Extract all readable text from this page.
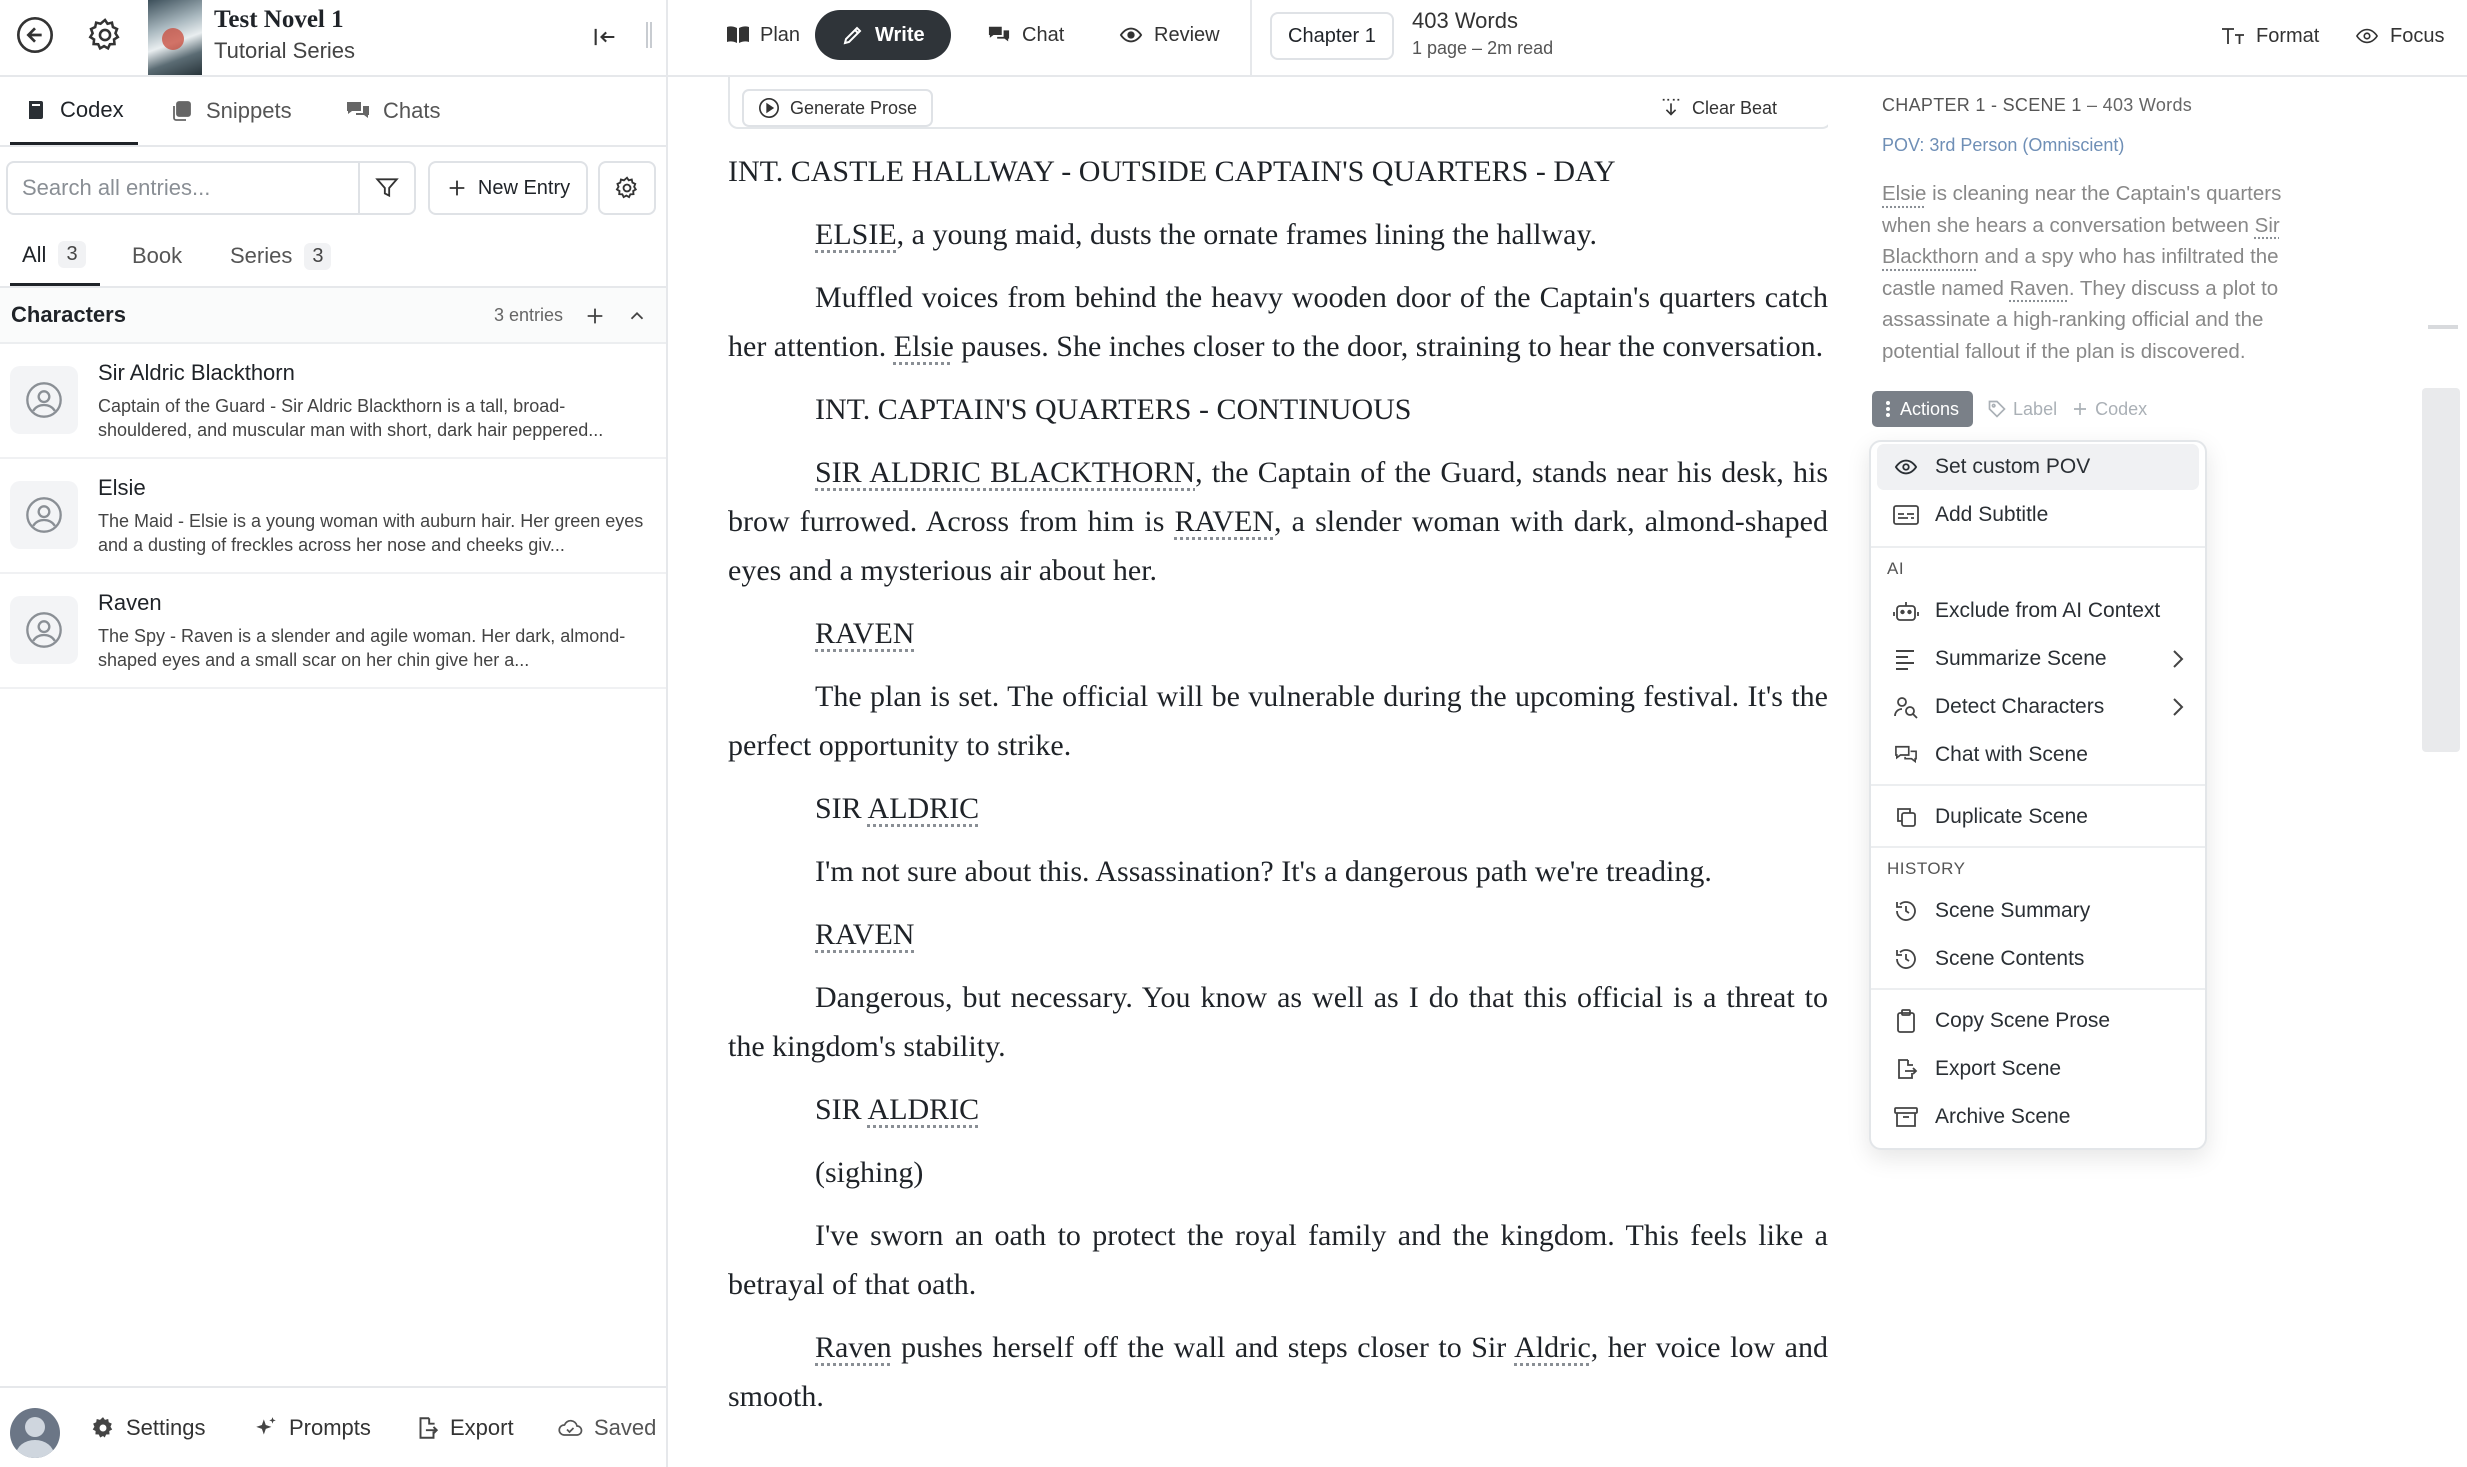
Test Novel 1
Tutorial Series
Codex	Snippets	Chats
Search all entries...
New Entry
All	3	Book Series	3
Characters	3 entries
Sir Aldric Blackthorn
Captain of the Guard - Sir Aldric Blackthorn is a tall, broad-shouldered, and muscular man with short, dark hair peppered...
Elsie
The Maid - Elsie is a young woman with auburn hair. Her green eyes and a dusting of freckles across her nose and cheeks giv...
Raven
The Spy - Raven is a slender and agile woman. Her dark, almond-shaped eyes and a small scar on her chin give her a...
Settings	Prompts	Export	Saved
Plan	Write	Chat	Review	Chapter 1
403 Words
1 page – 2m read
Format	Focus
Generate Prose	Clear Beat

INT. CASTLE HALLWAY - OUTSIDE CAPTAIN'S QUARTERS - DAY

ELSIE, a young maid, dusts the ornate frames lining the hallway.

Muffled voices from behind the heavy wooden door of the Captain's quarters catch her attention. Elsie pauses. She inches closer to the door, straining to hear the conversation.

INT. CAPTAIN'S QUARTERS - CONTINUOUS

SIR ALDRIC BLACKTHORN, the Captain of the Guard, stands near his desk, his brow furrowed. Across from him is RAVEN, a slender woman with dark, almond-shaped eyes and a mysterious air about her.

RAVEN

The plan is set. The official will be vulnerable during the upcoming festival. It's the perfect opportunity to strike.

SIR ALDRIC

I'm not sure about this. Assassination? It's a dangerous path we're treading.

RAVEN

Dangerous, but necessary. You know as well as I do that this official is a threat to the kingdom's stability.

SIR ALDRIC

(sighing)

I've sworn an oath to protect the royal family and the kingdom. This feels like a betrayal of that oath.

Raven pushes herself off the wall and steps closer to Sir Aldric, her voice low and smooth.

CHAPTER 1 - SCENE 1 – 403 Words
POV: 3rd Person (Omniscient)
Elsie is cleaning near the Captain's quarters when she hears a conversation between Sir Blackthorn and a spy who has infiltrated the castle named Raven. They discuss a plot to assassinate a high-ranking official and the potential fallout if the plan is discovered.
Actions	Label Codex
Set custom POV
Add Subtitle
AI
Exclude from AI Context
Summarize Scene
Detect Characters
Chat with Scene
Duplicate Scene
HISTORY
Scene Summary
Scene Contents
Copy Scene Prose
Export Scene
Archive Scene
